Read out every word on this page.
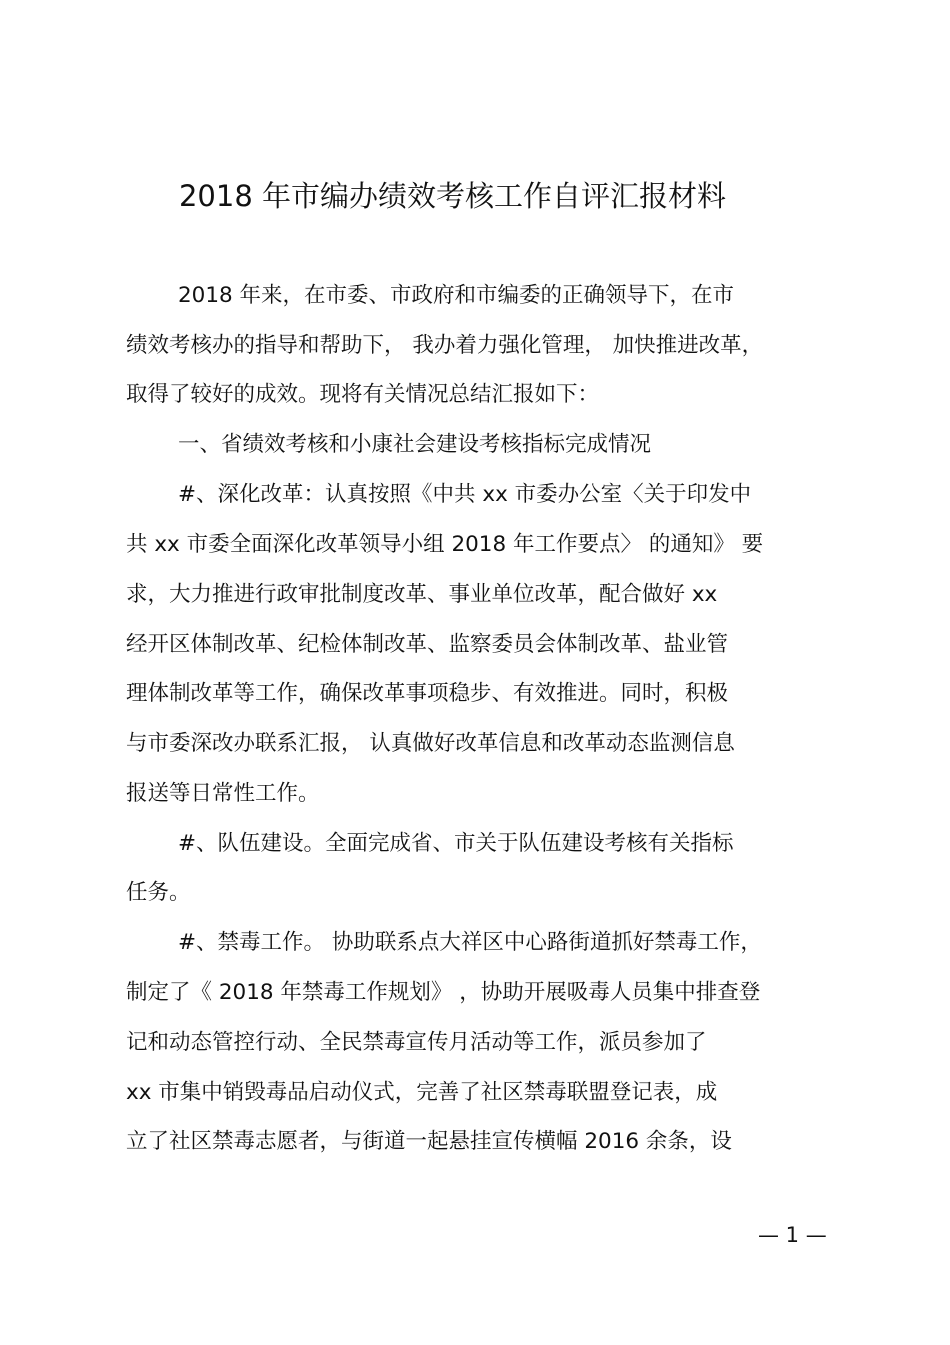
2018 年市编办绩效考核工作自评汇报材料
2018 年来，在市委、市政府和市编委的正确领导下，在市
绩效考核办的指导和帮助下， 我办着力强化管理， 加快推进改革，
取得了较好的成效。现将有关情况总结汇报如下：
一、省绩效考核和小康社会建设考核指标完成情况
#、深化改革：认真按照《中共 xx 市委办公室〈关于印发中
共 xx 市委全面深化改革领导小组 2018 年工作要点〉 的通知》 要
求，大力推进行政审批制度改革、事业单位改革，配合做好 xx
经开区体制改革、纪检体制改革、监察委员会体制改革、盐业管
理体制改革等工作，确保改革事项稳步、有效推进。同时，积极
与市委深改办联系汇报， 认真做好改革信息和改革动态监测信息
报送等日常性工作。
#、队伍建设。全面完成省、市关于队伍建设考核有关指标
任务。
#、禁毒工作。 协助联系点大祥区中心路街道抓好禁毒工作，
制定了《 2018 年禁毒工作规划》 ，协助开展吸毒人员集中排查登
记和动态管控行动、全民禁毒宣传月活动等工作，派员参加了
xx 市集中销毁毒品启动仪式，完善了社区禁毒联盟登记表，成
立了社区禁毒志愿者，与街道一起悬挂宣传横幅 2016 余条，设
— 1 —
